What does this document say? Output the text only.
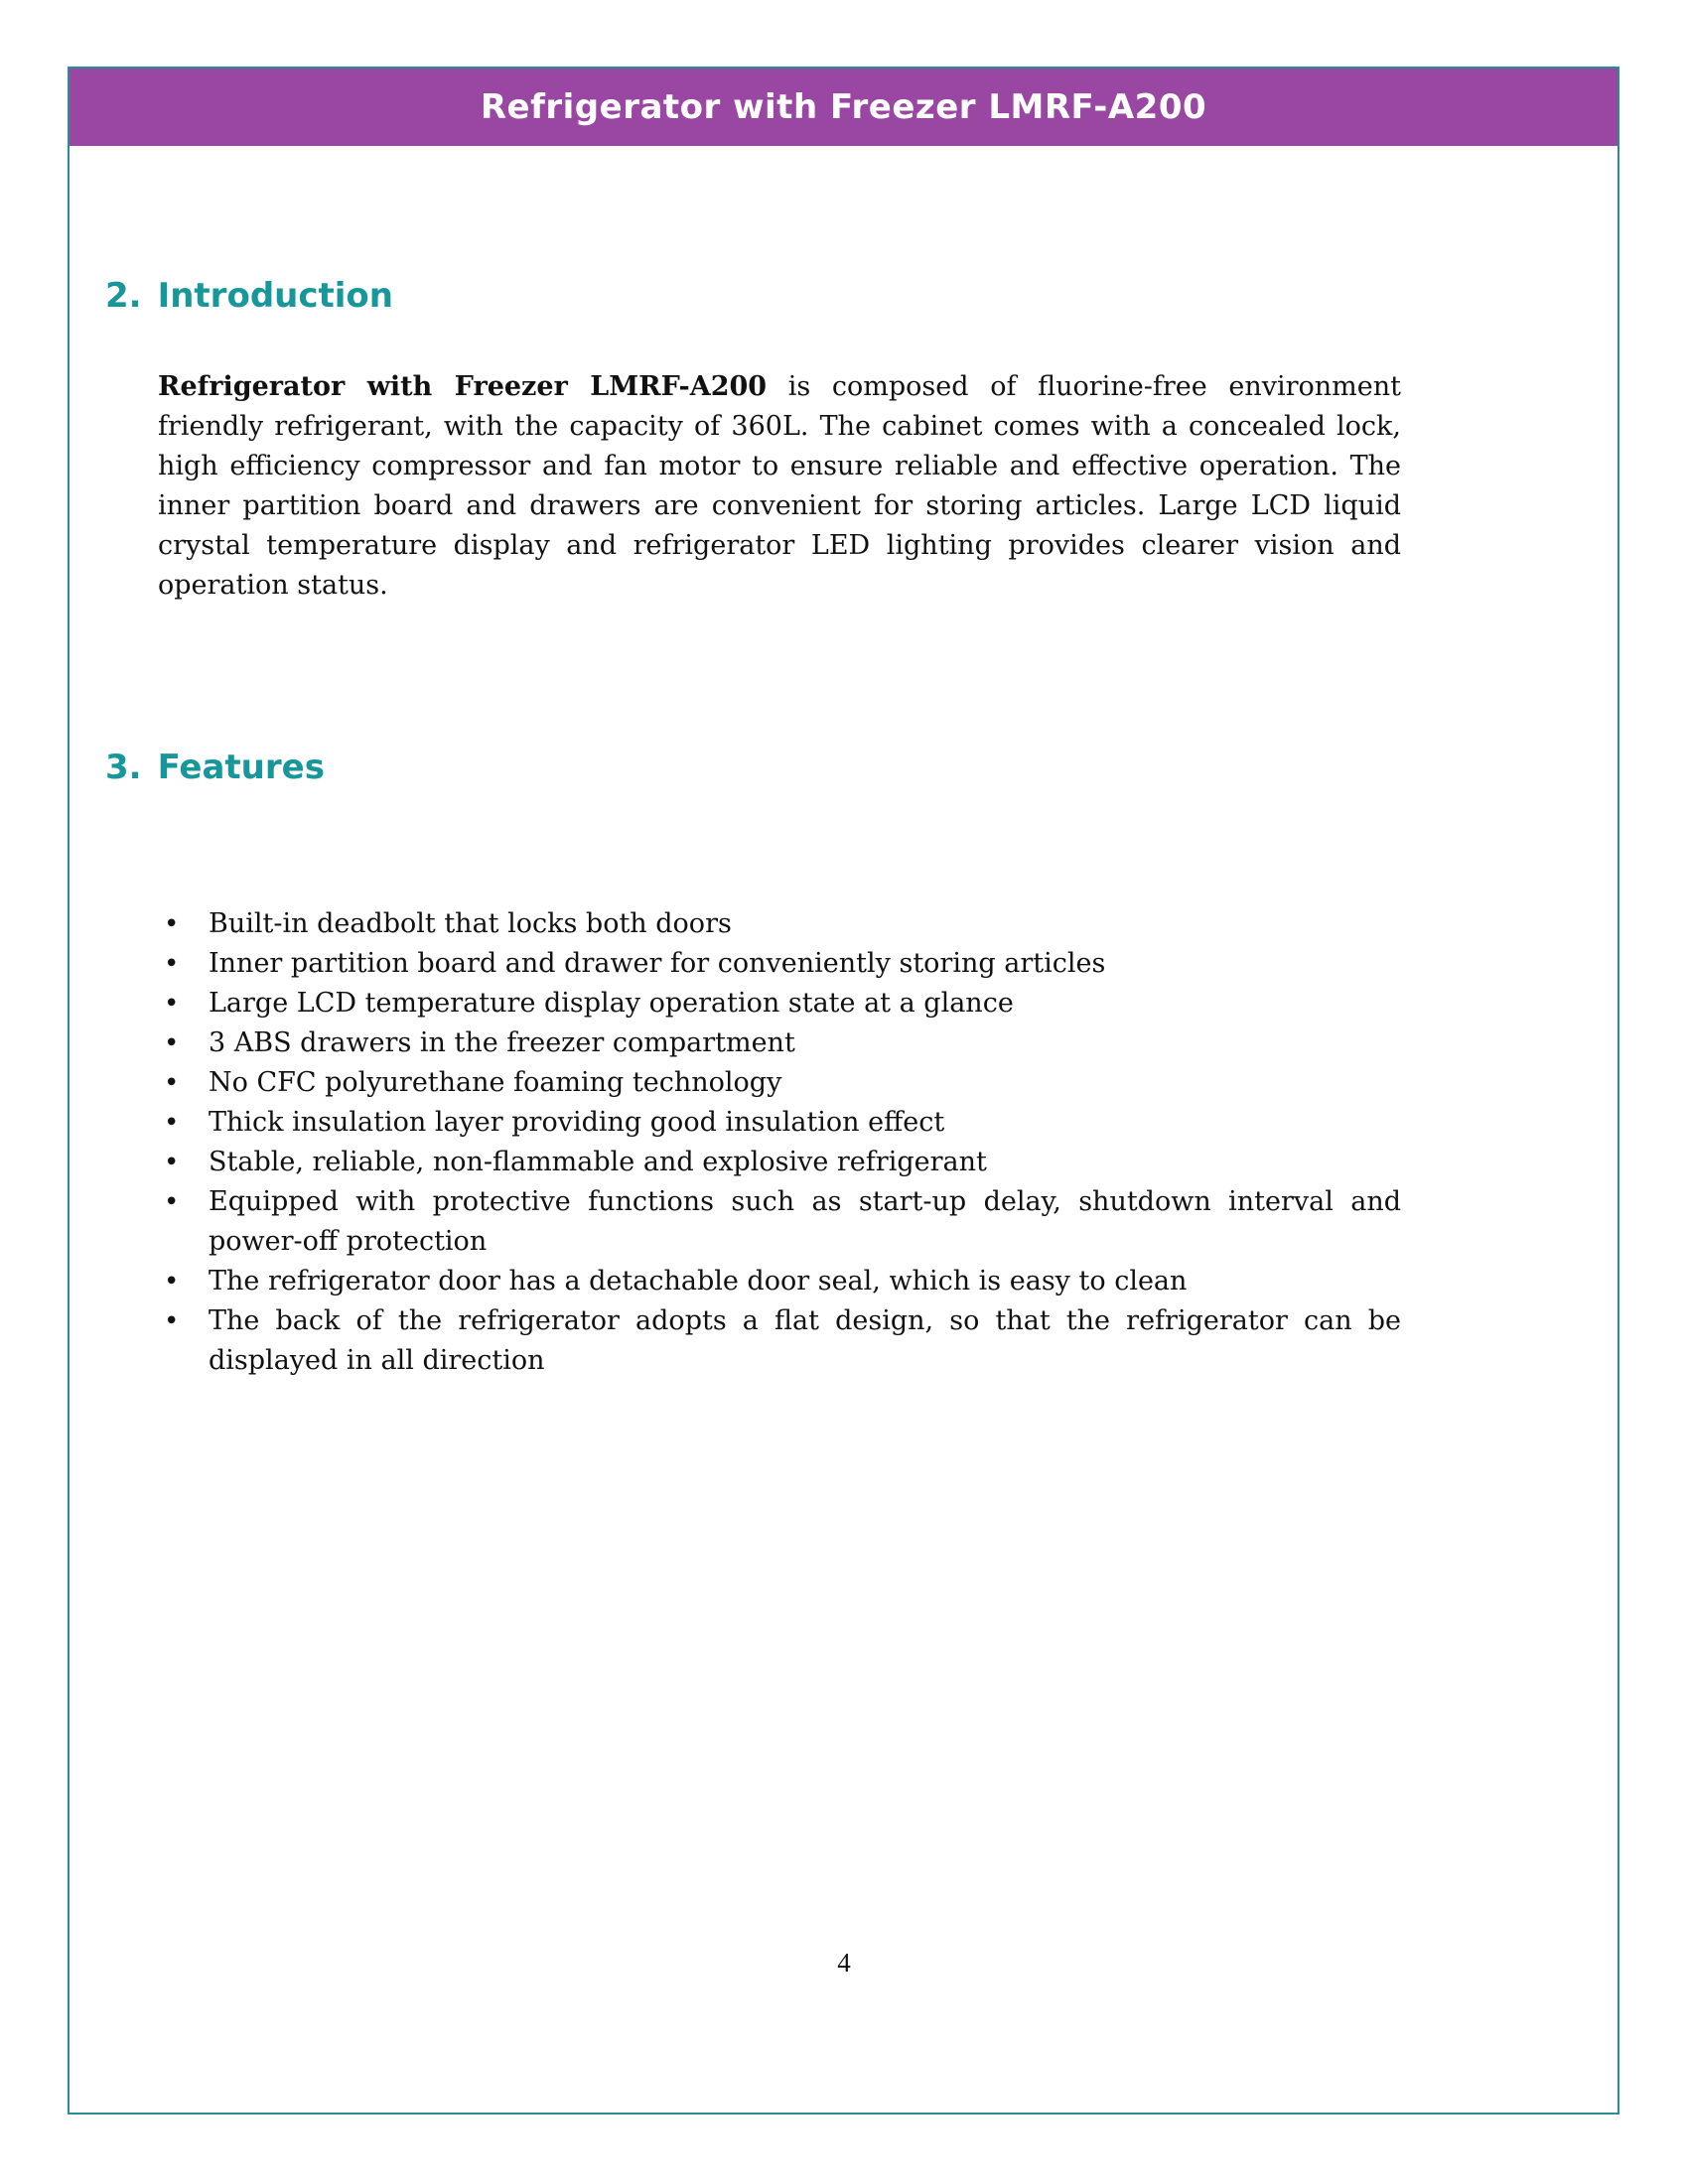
Refrigerator with Freezer LMRF-A200
2. Introduction

Refrigerator with Freezer LMRF-A200 is composed of fluorine-free environment friendly refrigerant, with the capacity of 360L. The cabinet comes with a concealed lock, high efficiency compressor and fan motor to ensure reliable and effective operation. The inner partition board and drawers are convenient for storing articles. Large LCD liquid crystal temperature display and refrigerator LED lighting provides clearer vision and operation status.

3. Features
• Built-in deadbolt that locks both doors
• Inner partition board and drawer for conveniently storing articles
• Large LCD temperature display operation state at a glance
• 3 ABS drawers in the freezer compartment
• No CFC polyurethane foaming technology
• Thick insulation layer providing good insulation effect
• Stable, reliable, non-flammable and explosive refrigerant
• Equipped with protective functions such as start-up delay, shutdown interval and power-off protection
• The refrigerator door has a detachable door seal, which is easy to clean
• The back of the refrigerator adopts a flat design, so that the refrigerator can be displayed in all direction
4
